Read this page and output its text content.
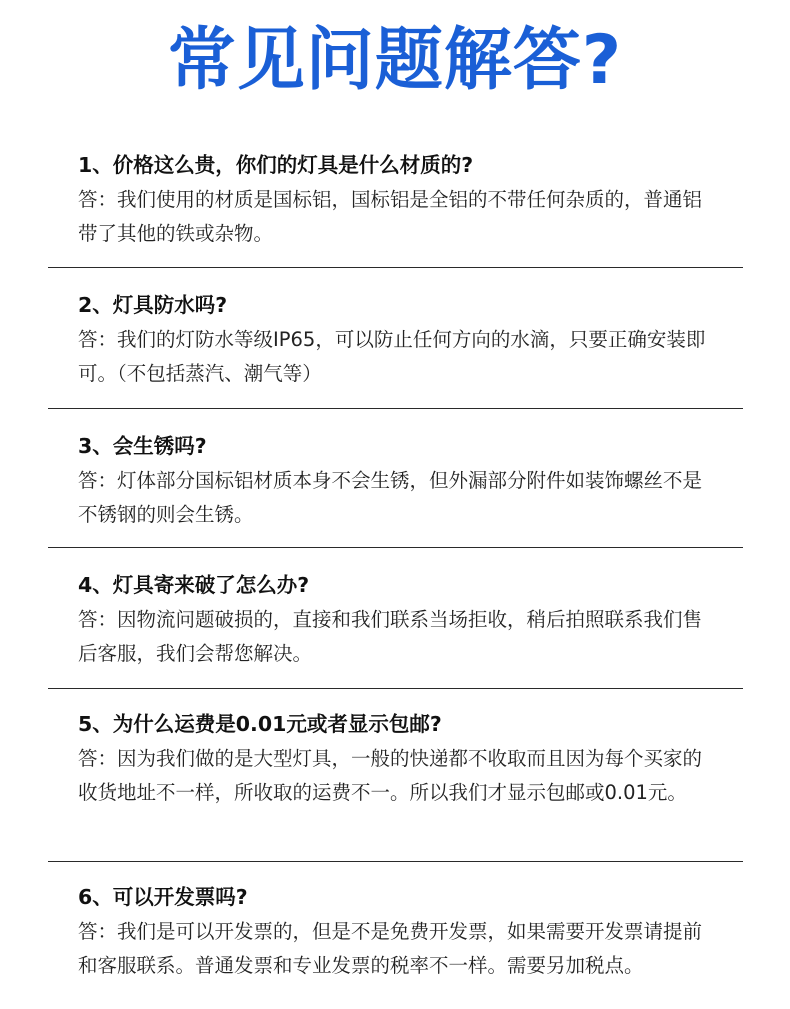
常见问题解答?
1、价格这么贵，你们的灯具是什么材质的?
答：我们使用的材质是国标铝，国标铝是全铝的不带任何杂质的，普通铝带了其他的铁或杂物。
2、灯具防水吗?
答：我们的灯防水等级IP65，可以防止任何方向的水滴，只要正确安装即可。（不包括蒸汽、潮气等）
3、会生锈吗?
答：灯体部分国标铝材质本身不会生锈，但外漏部分附件如装饰螺丝不是不锈钢的则会生锈。
4、灯具寄来破了怎么办?
答：因物流问题破损的，直接和我们联系当场拒收，稍后拍照联系我们售后客服，我们会帮您解决。
5、为什么运费是0.01元或者显示包邮?
答：因为我们做的是大型灯具，一般的快递都不收取而且因为每个买家的收货地址不一样，所收取的运费不一。所以我们才显示包邮或0.01元。
6、可以开发票吗?
答：我们是可以开发票的，但是不是免费开发票，如果需要开发票请提前和客服联系。普通发票和专业发票的税率不一样。需要另加税点。
